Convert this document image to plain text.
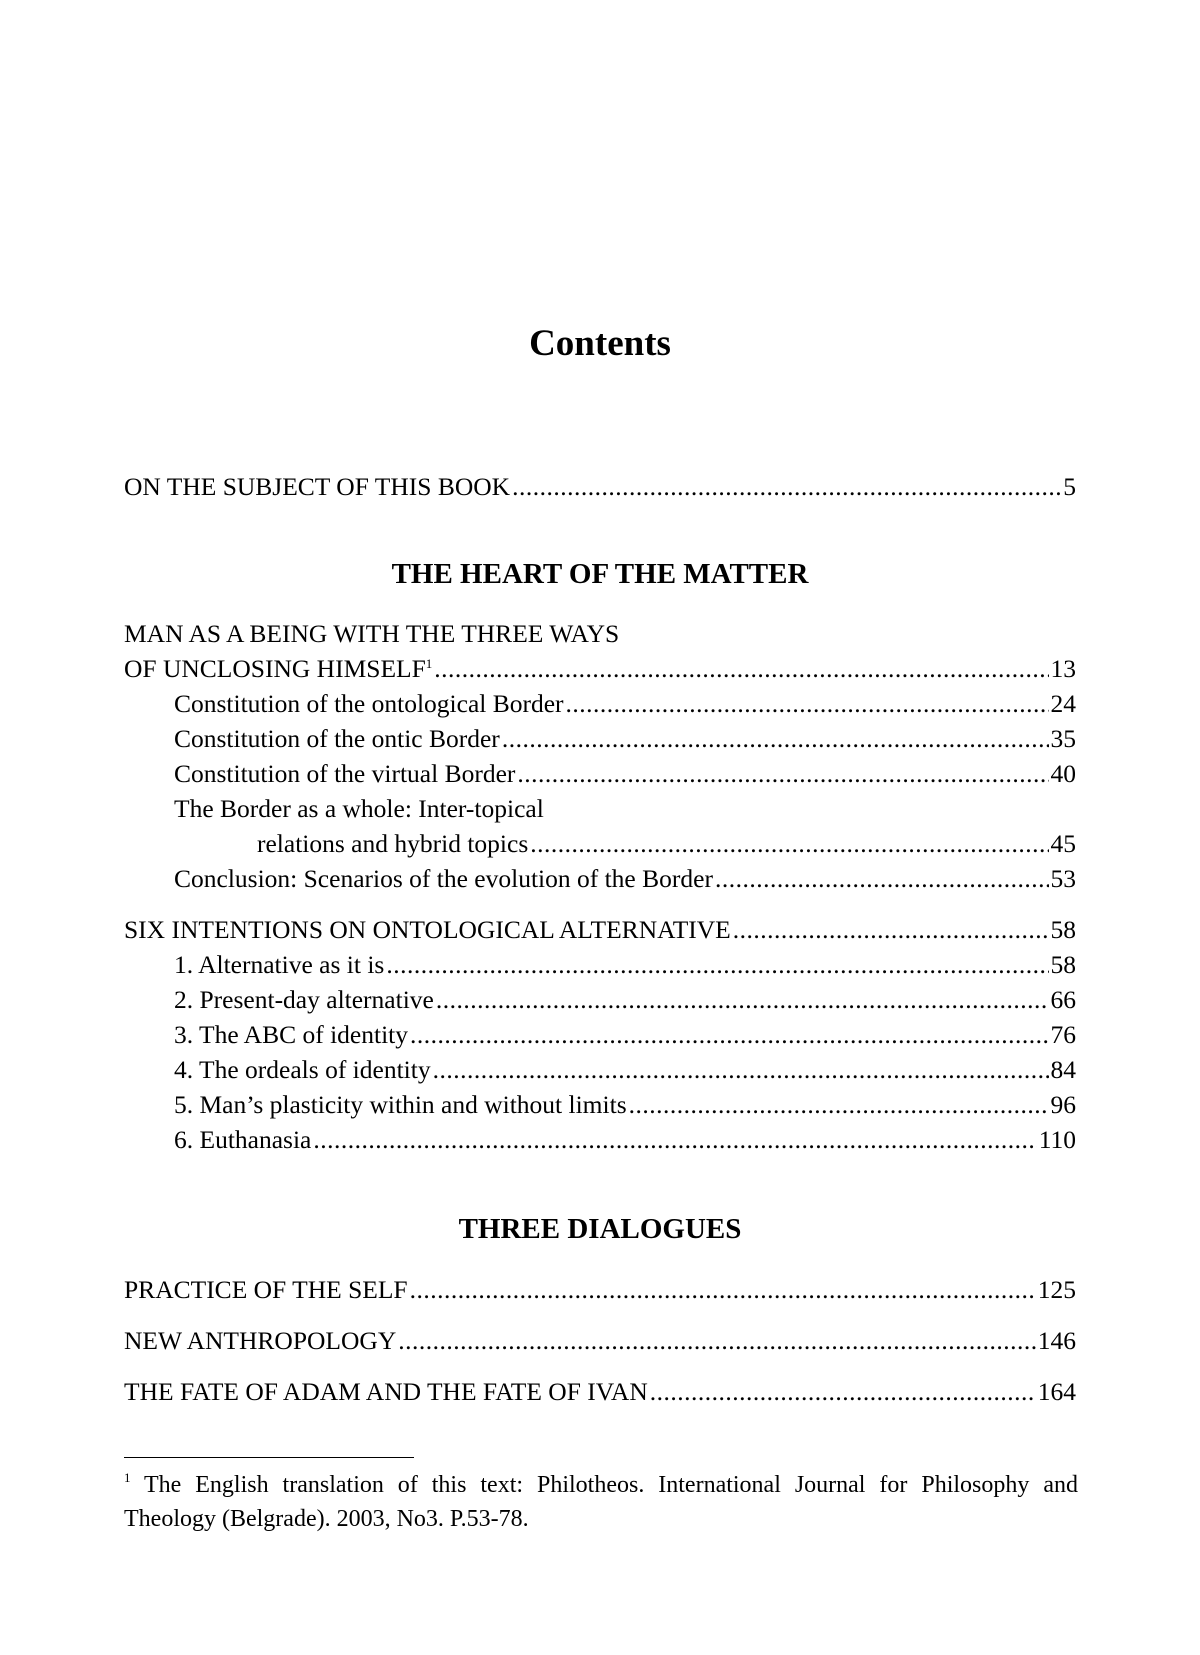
Contents
ON THE SUBJECT OF THIS BOOK .....	5
THE HEART OF THE MATTER
MAN AS A BEING WITH THE THREE WAYS
OF UNCLOSING HIMSELF$^1$ .....	13
Constitution of the ontological Border .....	24
Constitution of the ontic Border .....	35
Constitution of the virtual Border .....	40
The Border as a whole: Inter-topical
relations and hybrid topics .....	45
Conclusion: Scenarios of the evolution of the Border .....	53
SIX INTENTIONS ON ONTOLOGICAL ALTERNATIVE .....	58
1. Alternative as it is .....	58
2. Present-day alternative .....	66
3. The ABC of identity .....	76
4. The ordeals of identity .....	84
5. Man’s plasticity within and without limits .....	96
6. Euthanasia .....	110
THREE DIALOGUES
PRACTICE OF THE SELF .....	125
NEW ANTHROPOLOGY .....	146
THE FATE OF ADAM AND THE FATE OF IVAN .....	164
$^1$ The English translation of this text: Philotheos. International Journal for Philosophy and Theology (Belgrade). 2003, No3. P.53-78.
